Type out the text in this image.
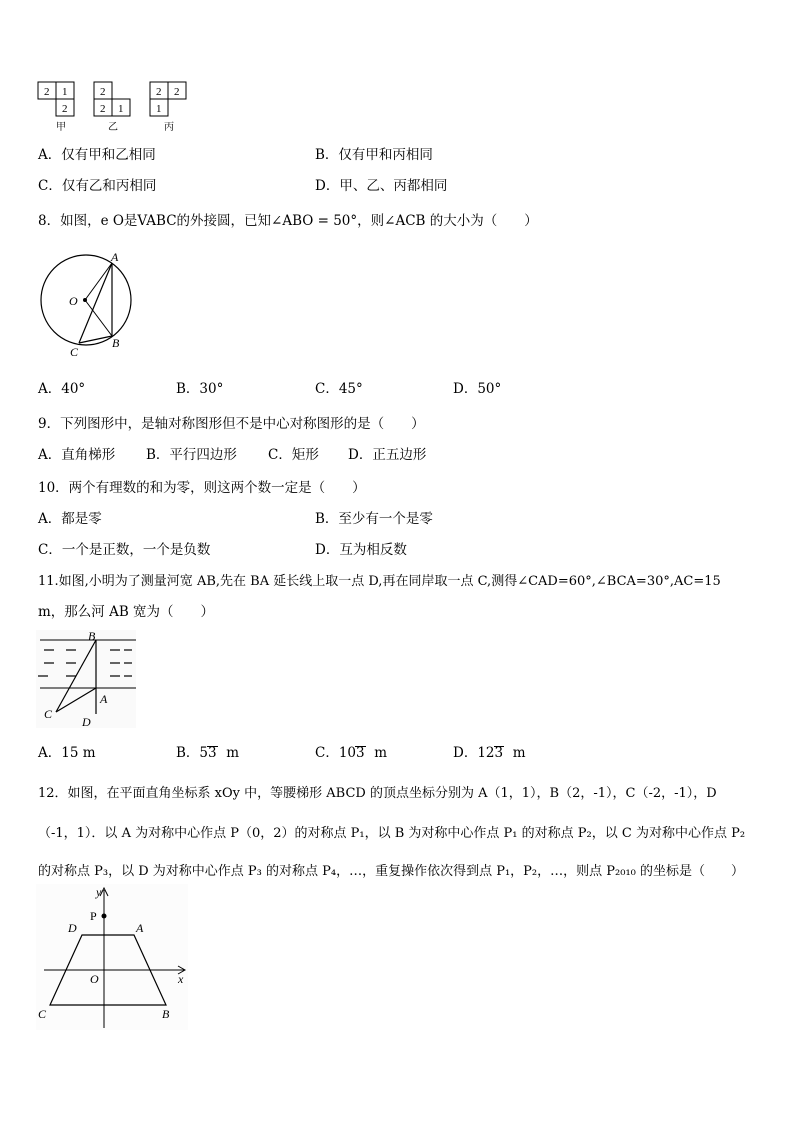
2 1
2
甲
2
2 1
乙
2 2
1
丙
A．仅有甲和乙相同	B．仅有甲和丙相同
C．仅有乙和丙相同	D．甲、乙、丙都相同
8．如图，e O是VABC的外接圆，已知∠ABO = 50°，则∠ACB 的大小为（　　）
A
O
C
B
A．40°	B．30°	C．45°	D．50°
9．下列图形中，是轴对称图形但不是中心对称图形的是（　　）
A．直角梯形 B．平行四边形 C．矩形 D．正五边形
10．两个有理数的和为零，则这两个数一定是（　　）
A．都是零	B．至少有一个是零
C．一个是正数，一个是负数	D．互为相反数
11.如图,小明为了测量河宽 AB,先在 BA 延长线上取一点 D,再在同岸取一点 C,测得∠CAD=60°,∠BCA=30°,AC=15
m，那么河 AB 宽为（　　）
B
A
C
D
A．15 m	B．53 m	C．103 m	D．123 m
12．如图，在平面直角坐标系 xOy 中，等腰梯形 ABCD 的顶点坐标分别为 A（1，1），B（2，-1），C（-2，-1），D
（-1，1）．以 A 为对称中心作点 P（0，2）的对称点 P₁，以 B 为对称中心作点 P₁ 的对称点 P₂，以 C 为对称中心作点 P₂
的对称点 P₃，以 D 为对称中心作点 P₃ 的对称点 P₄，…，重复操作依次得到点 P₁，P₂，…，则点 P₂₀₁₀ 的坐标是（　　）
y
P
D	A
O	x
C	B
